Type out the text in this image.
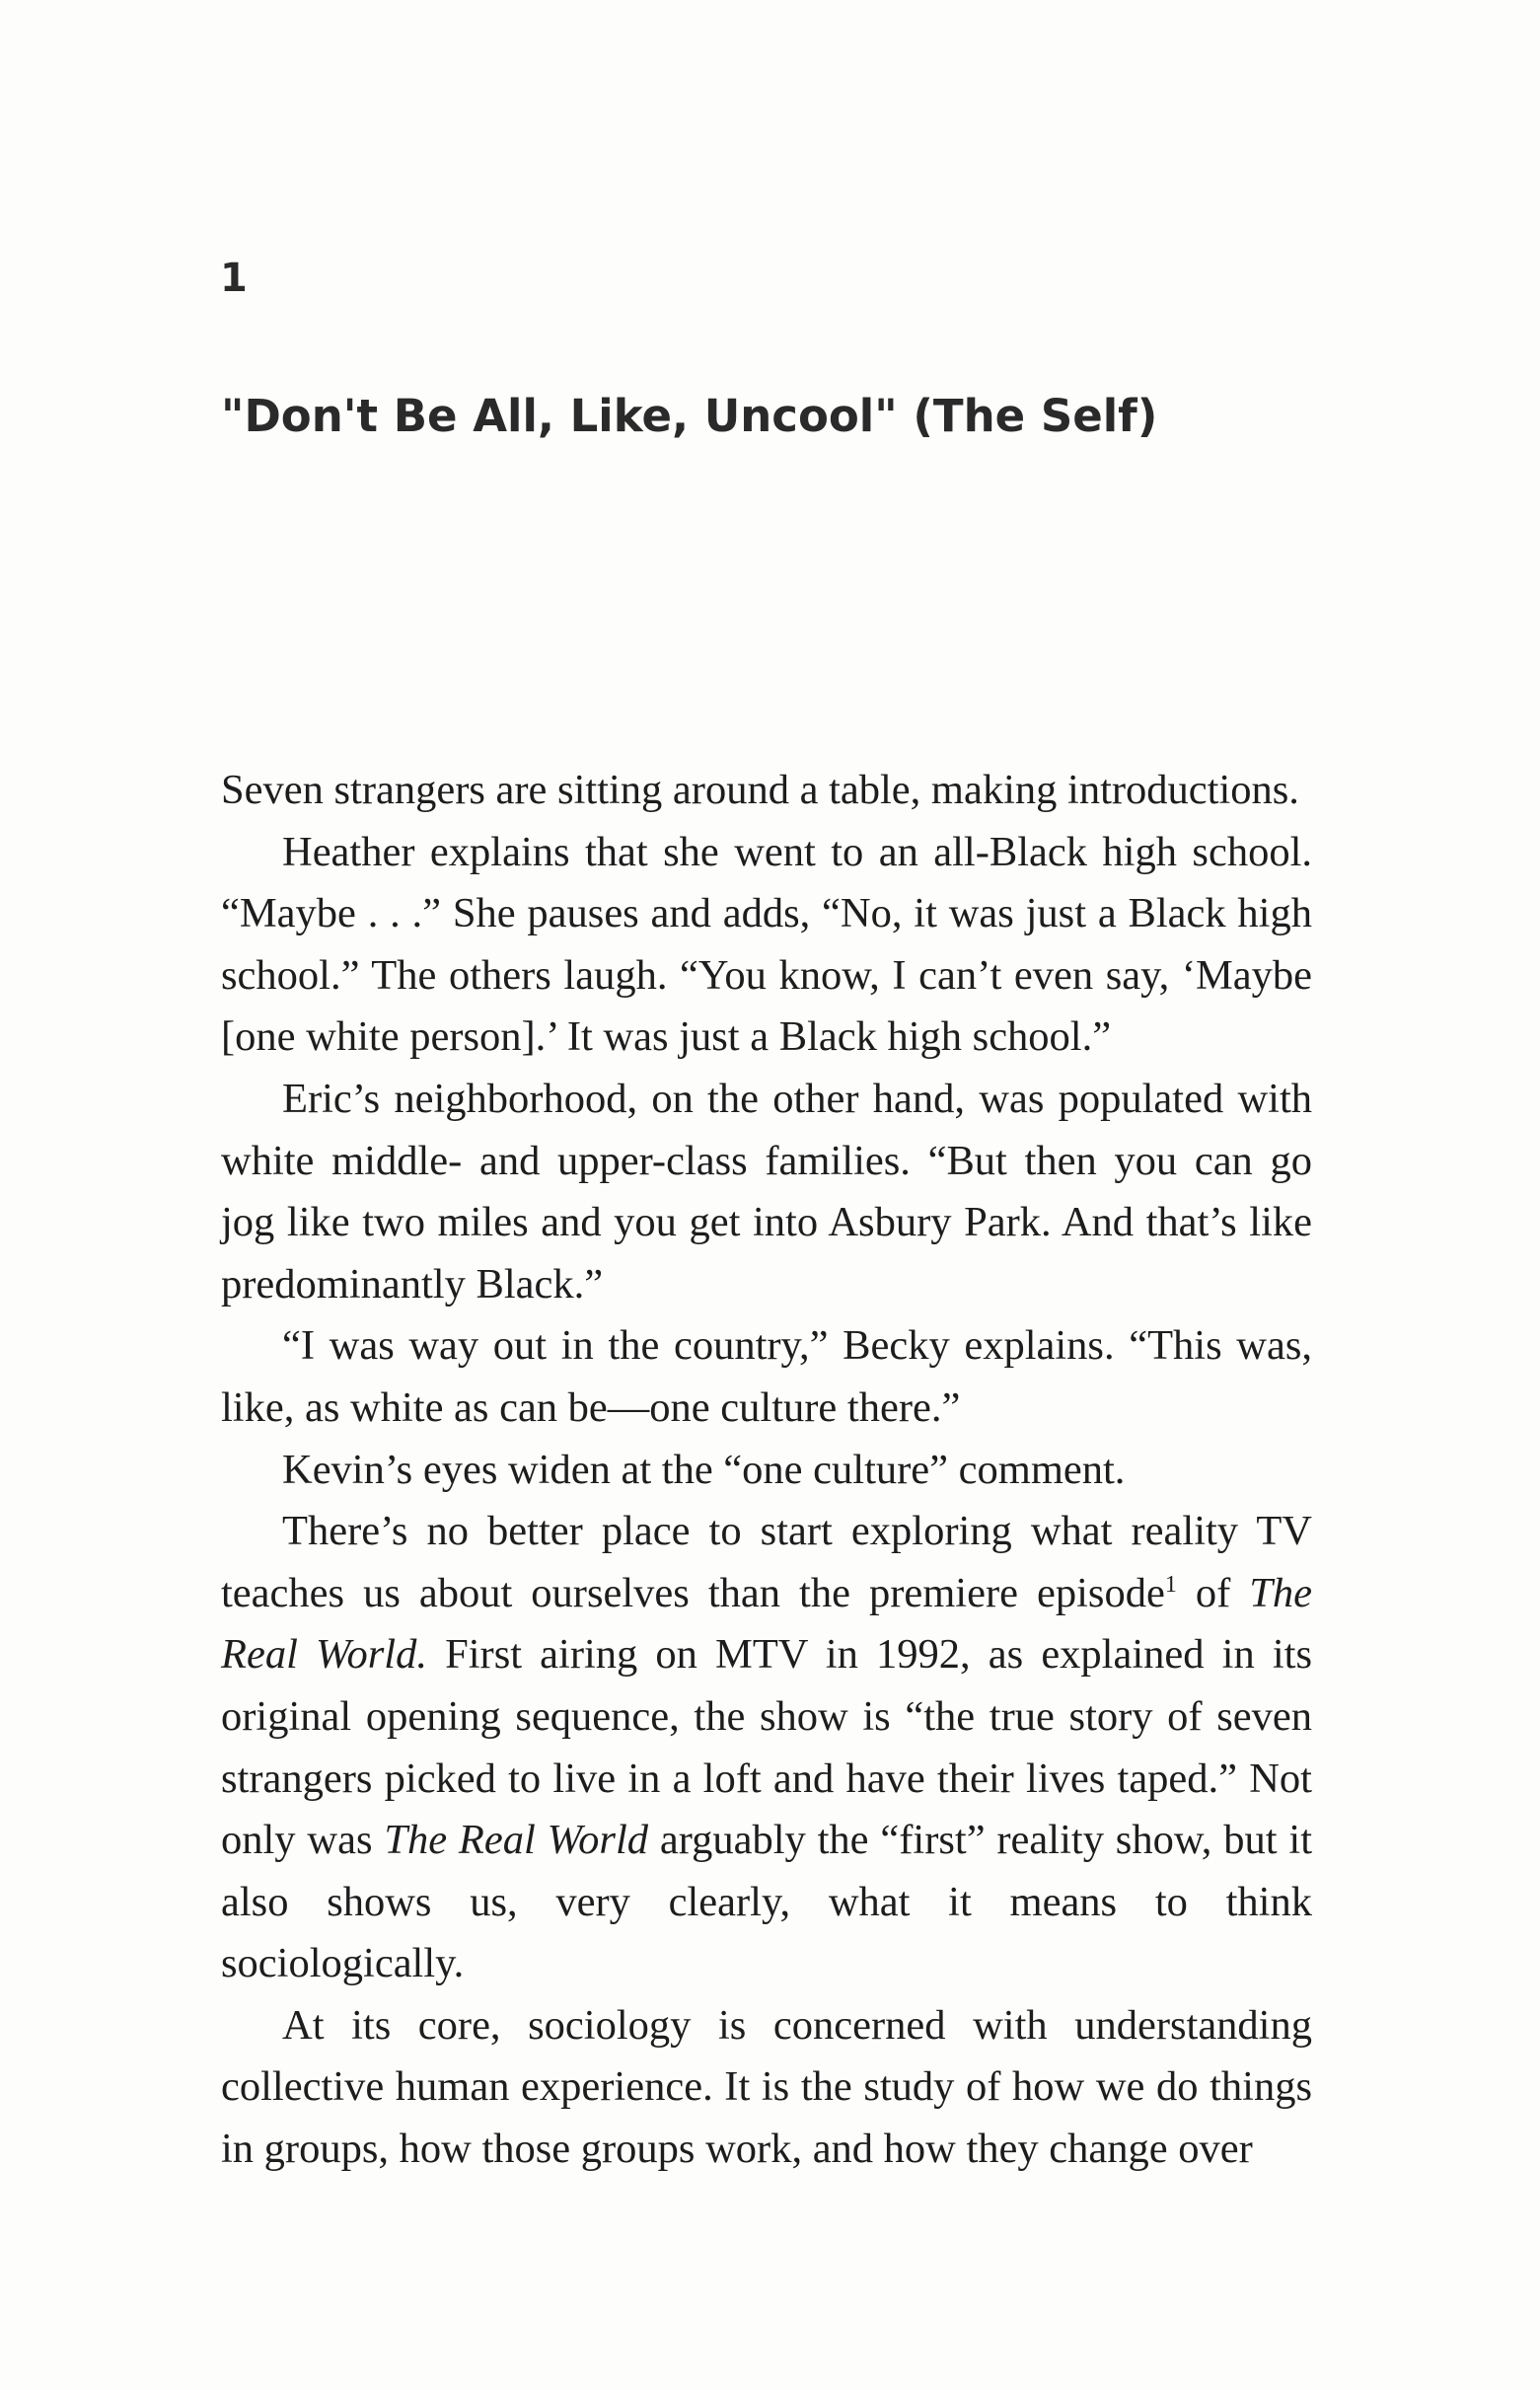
1
"Don't Be All, Like, Uncool" (The Self)

Seven strangers are sitting around a table, making introductions.

Heather explains that she went to an all-Black high school. “Maybe . . .” She pauses and adds, “No, it was just a Black high school.” The others laugh. “You know, I can’t even say, ‘Maybe [one white person].’ It was just a Black high school.”

Eric’s neighborhood, on the other hand, was populated with white middle- and upper-class families. “But then you can go jog like two miles and you get into Asbury Park. And that’s like predominantly Black.”

“I was way out in the country,” Becky explains. “This was, like, as white as can be—one culture there.”

Kevin’s eyes widen at the “one culture” comment.

There’s no better place to start exploring what reality TV teaches us about ourselves than the premiere episode$^1$ of The Real World. First airing on MTV in 1992, as explained in its original opening sequence, the show is “the true story of seven strangers picked to live in a loft and have their lives taped.” Not only was The Real World arguably the “first” reality show, but it also shows us, very clearly, what it means to think sociologically.

At its core, sociology is concerned with understanding collective human experience. It is the study of how we do things in groups, how those groups work, and how they change over
